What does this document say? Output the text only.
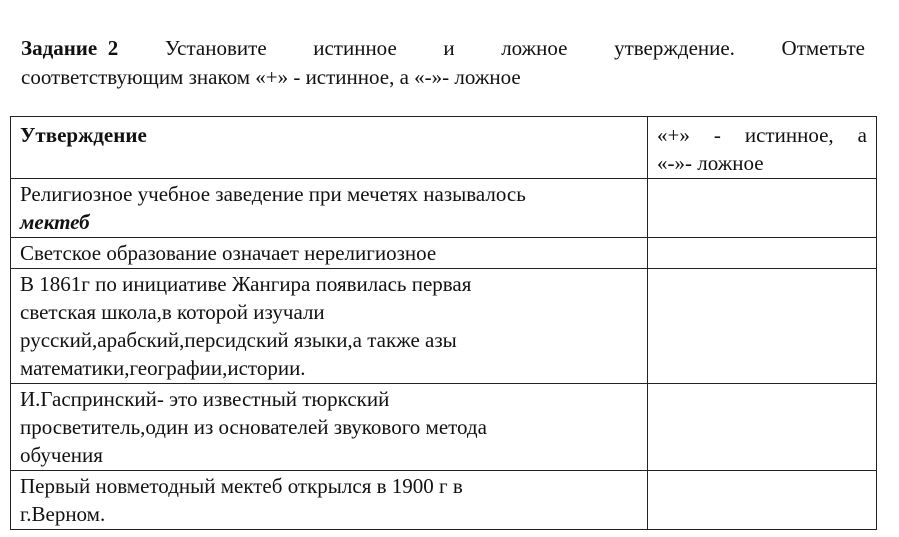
Задание 2 Установите истинное и ложное утверждение. Отметьте
соответствующим знаком «+» - истинное, а «-»- ложное
Утверждение	«+» - истинное, а
«-»- ложное

Религиозное учебное заведение при мечетях называлось
мектеб	

Светское образование означает нерелигиозное	

В 1861г по инициативе Жангира появилась первая
светская школа,в которой изучали
русский,арабский,персидский языки,а также азы
математики,географии,истории.	

И.Гаспринский- это известный тюркский
просветитель,один из основателей звукового метода
обучения	

Первый новметодный мектеб открылся в 1900 г в
г.Верном.	
